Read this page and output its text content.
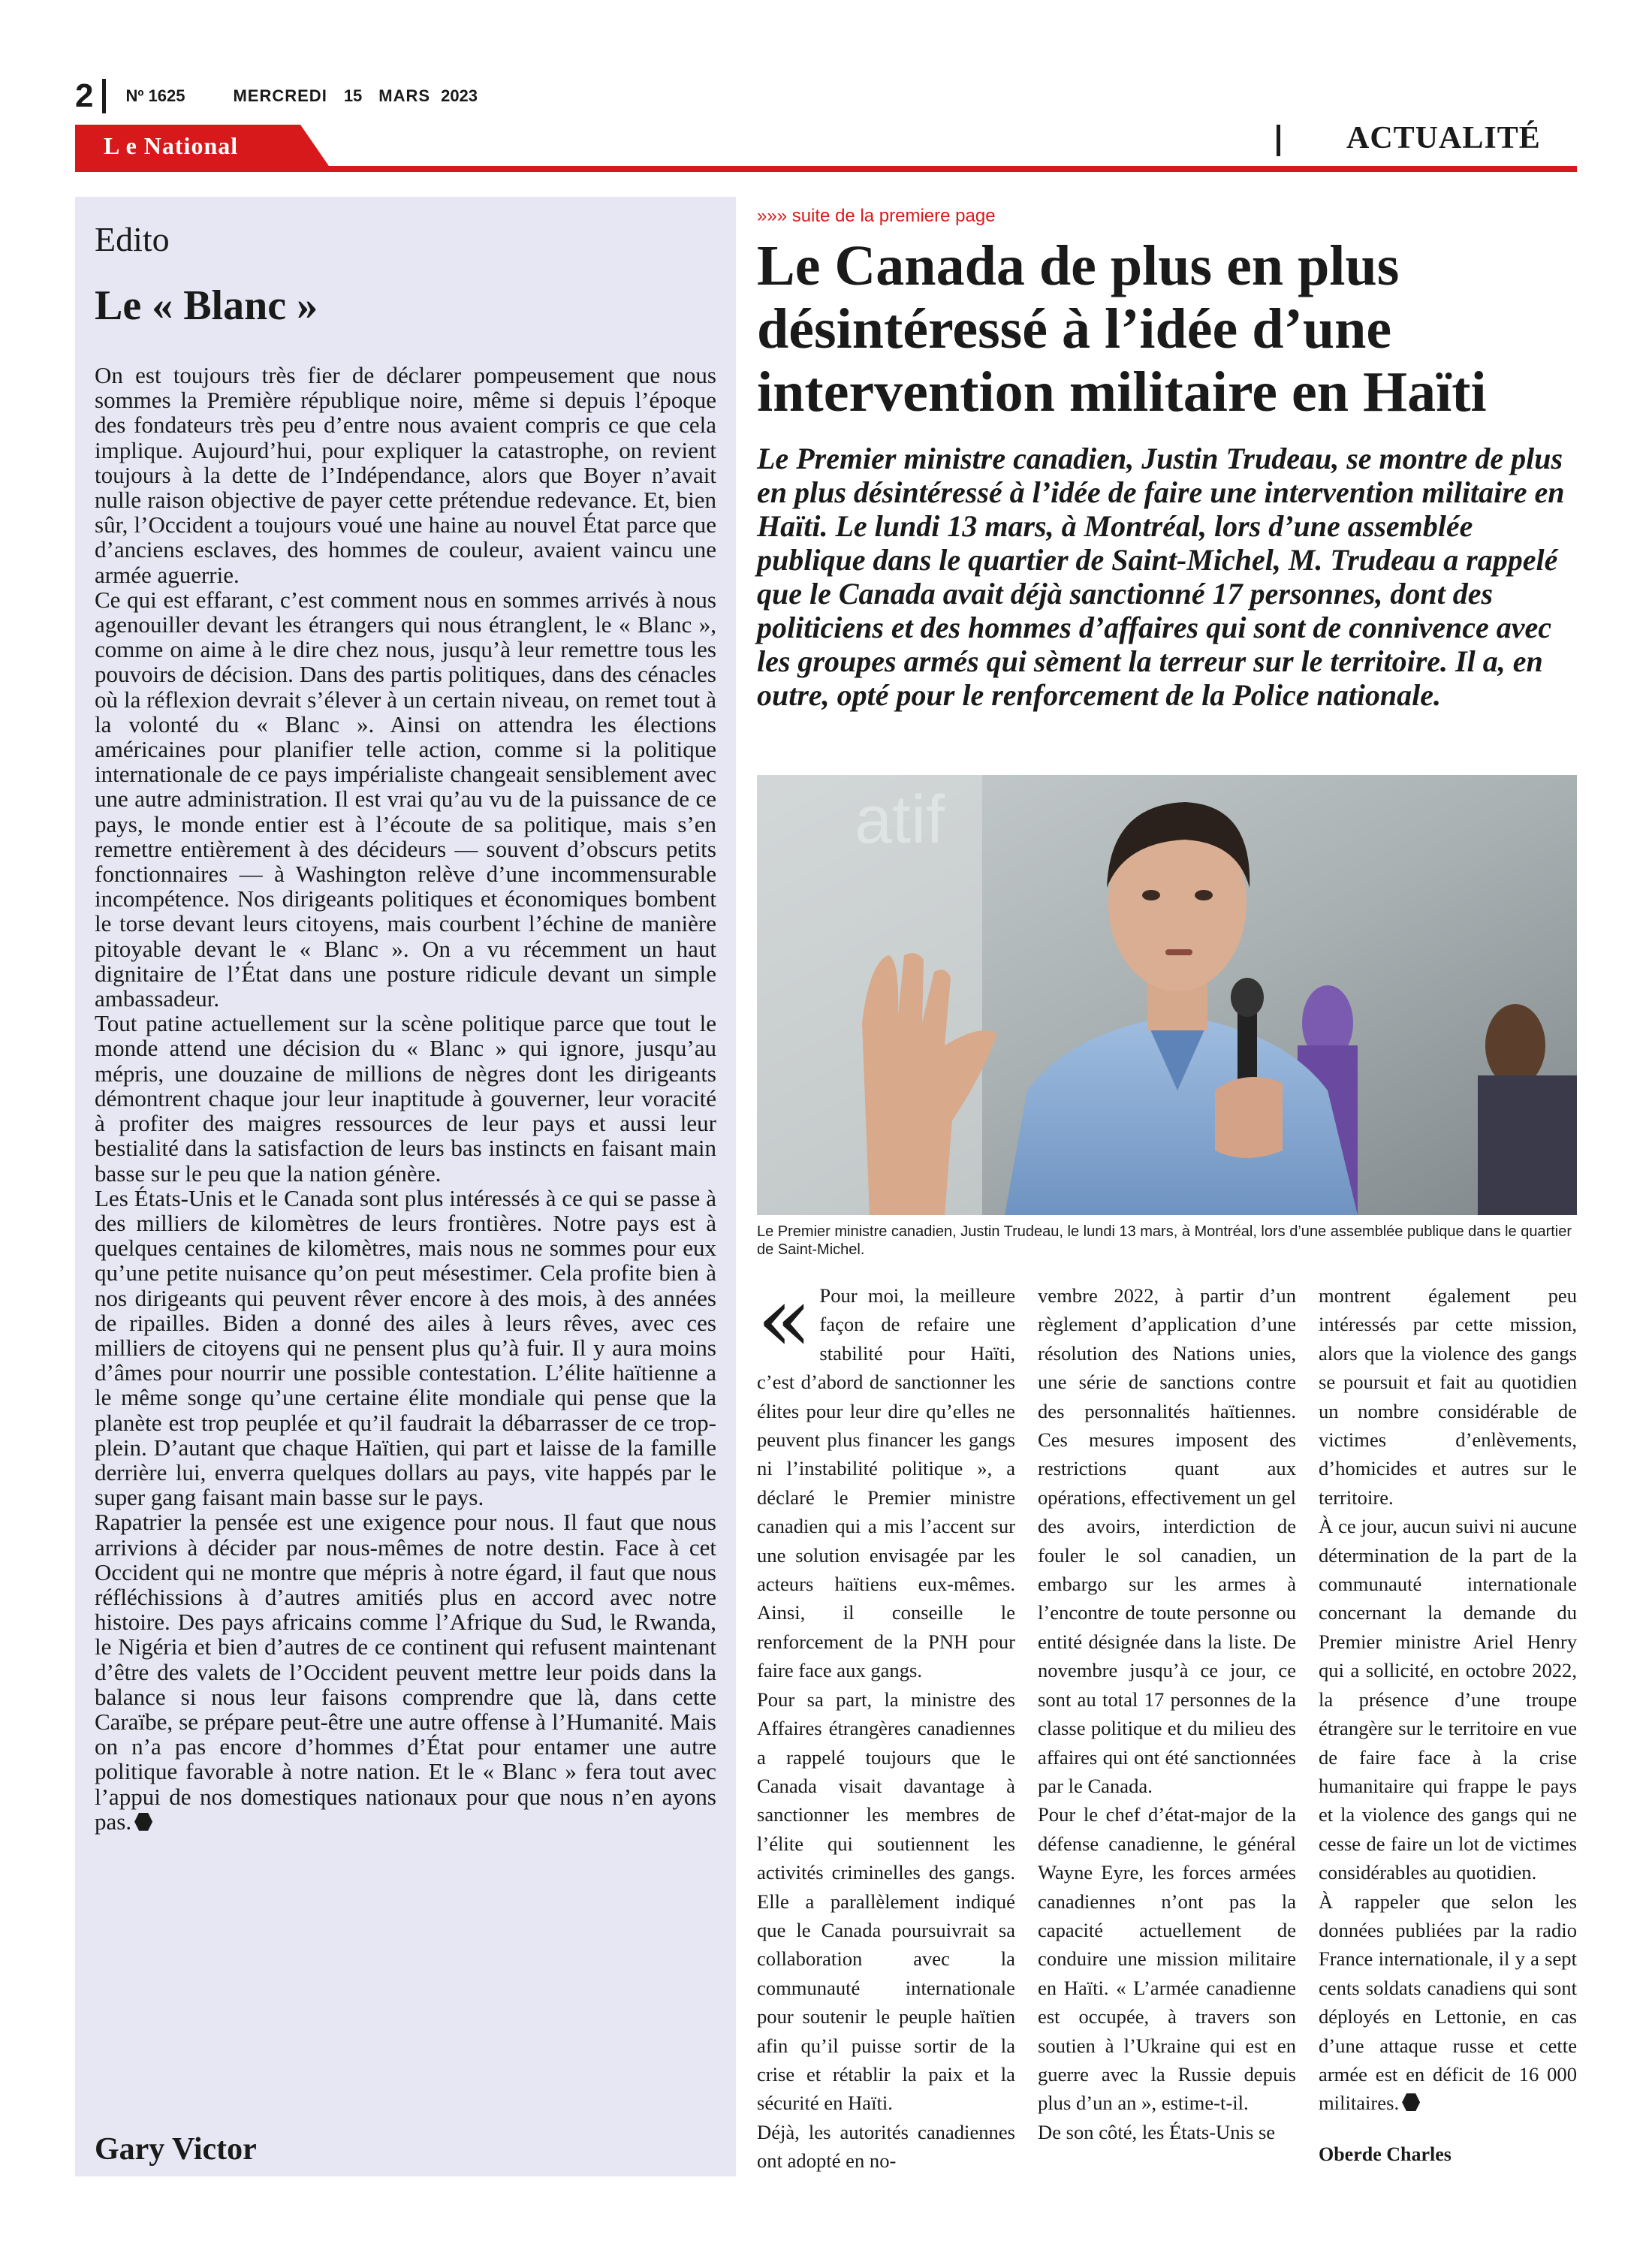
2 Nº 1625	MERCREDI 15 MARS 2023
L e National	ACTUALITÉ
Edito
Le « Blanc »

On est toujours très fier de déclarer pompeusement que nous sommes la Première république noire, même si depuis l’époque des fondateurs très peu d’entre nous avaient compris ce que cela implique. Aujourd’hui, pour expliquer la catastrophe, on revient toujours à la dette de l’Indépendance, alors que Boyer n’avait nulle raison objective de payer cette prétendue redevance. Et, bien sûr, l’Occident a toujours voué une haine au nouvel État parce que d’anciens esclaves, des hommes de couleur, avaient vaincu une armée aguerrie.

Ce qui est effarant, c’est comment nous en sommes arrivés à nous agenouiller devant les étrangers qui nous étranglent, le « Blanc », comme on aime à le dire chez nous, jusqu’à leur remettre tous les pouvoirs de décision. Dans des partis politiques, dans des cénacles où la réflexion devrait s’élever à un certain niveau, on remet tout à la volonté du « Blanc ». Ainsi on attendra les élections américaines pour planifier telle action, comme si la politique internationale de ce pays impérialiste changeait sensiblement avec une autre administration. Il est vrai qu’au vu de la puissance de ce pays, le monde entier est à l’écoute de sa politique, mais s’en remettre entièrement à des décideurs — souvent d’obscurs petits fonctionnaires — à Washington relève d’une incommensurable incompétence. Nos dirigeants politiques et économiques bombent le torse devant leurs citoyens, mais courbent l’échine de manière pitoyable devant le « Blanc ». On a vu récemment un haut dignitaire de l’État dans une posture ridicule devant un simple ambassadeur.

Tout patine actuellement sur la scène politique parce que tout le monde attend une décision du « Blanc » qui ignore, jusqu’au mépris, une douzaine de millions de nègres dont les dirigeants démontrent chaque jour leur inaptitude à gouverner, leur voracité à profiter des maigres ressources de leur pays et aussi leur bestialité dans la satisfaction de leurs bas instincts en faisant main basse sur le peu que la nation génère.

Les États-Unis et le Canada sont plus intéressés à ce qui se passe à des milliers de kilomètres de leurs frontières. Notre pays est à quelques centaines de kilomètres, mais nous ne sommes pour eux qu’une petite nuisance qu’on peut mésestimer. Cela profite bien à nos dirigeants qui peuvent rêver encore à des mois, à des années de ripailles. Biden a donné des ailes à leurs rêves, avec ces milliers de citoyens qui ne pensent plus qu’à fuir. Il y aura moins d’âmes pour nourrir une possible contestation. L’élite haïtienne a le même songe qu’une certaine élite mondiale qui pense que la planète est trop peuplée et qu’il faudrait la débarrasser de ce trop-plein. D’autant que chaque Haïtien, qui part et laisse de la famille derrière lui, enverra quelques dollars au pays, vite happés par le super gang faisant main basse sur le pays.

Rapatrier la pensée est une exigence pour nous. Il faut que nous arrivions à décider par nous-mêmes de notre destin. Face à cet Occident qui ne montre que mépris à notre égard, il faut que nous réfléchissions à d’autres amitiés plus en accord avec notre histoire. Des pays africains comme l’Afrique du Sud, le Rwanda, le Nigéria et bien d’autres de ce continent qui refusent maintenant d’être des valets de l’Occident peuvent mettre leur poids dans la balance si nous leur faisons comprendre que là, dans cette Caraïbe, se prépare peut-être une autre offense à l’Humanité. Mais on n’a pas encore d’hommes d’État pour entamer une autre politique favorable à notre nation. Et le « Blanc » fera tout avec l’appui de nos domestiques nationaux pour que nous n’en ayons pas.

Gary Victor
»»» suite de la premiere page
Le Canada de plus en plus désintéressé à l’idée d’une intervention militaire en Haïti

Le Premier ministre canadien, Justin Trudeau, se montre de plus en plus désintéressé à l’idée de faire une intervention militaire en Haïti. Le lundi 13 mars, à Montréal, lors d’une assemblée publique dans le quartier de Saint-Michel, M. Trudeau a rappelé que le Canada avait déjà sanctionné 17 personnes, dont des politiciens et des hommes d’affaires qui sont de connivence avec les groupes armés qui sèment la terreur sur le territoire. Il a, en outre, opté pour le renforcement de la Police nationale.

atif
Le Premier ministre canadien, Justin Trudeau, le lundi 13 mars, à Montréal, lors d’une assemblée publique dans le quartier de Saint-Michel.

« Pour moi, la meilleure façon de refaire une stabilité pour Haïti, c’est d’abord de sanctionner les élites pour leur dire qu’elles ne peuvent plus financer les gangs ni l’instabilité politique », a déclaré le Premier ministre canadien qui a mis l’accent sur une solution envisagée par les acteurs haïtiens eux-mêmes. Ainsi, il conseille le renforcement de la PNH pour faire face aux gangs.

Pour sa part, la ministre des Affaires étrangères canadiennes a rappelé toujours que le Canada visait davantage à sanctionner les membres de l’élite qui soutiennent les activités criminelles des gangs. Elle a parallèlement indiqué que le Canada poursuivrait sa collaboration avec la communauté internationale pour soutenir le peuple haïtien afin qu’il puisse sortir de la crise et rétablir la paix et la sécurité en Haïti.

Déjà, les autorités canadiennes ont adopté en no-

vembre 2022, à partir d’un règlement d’application d’une résolution des Nations unies, une série de sanctions contre des personnalités haïtiennes. Ces mesures imposent des restrictions quant aux opérations, effectivement un gel des avoirs, interdiction de fouler le sol canadien, un embargo sur les armes à l’encontre de toute personne ou entité désignée dans la liste. De novembre jusqu’à ce jour, ce sont au total 17 personnes de la classe politique et du milieu des affaires qui ont été sanctionnées par le Canada.

Pour le chef d’état-major de la défense canadienne, le général Wayne Eyre, les forces armées canadiennes n’ont pas la capacité actuellement de conduire une mission militaire en Haïti. « L’armée canadienne est occupée, à travers son soutien à l’Ukraine qui est en guerre avec la Russie depuis plus d’un an », estime-t-il.

De son côté, les États-Unis se

montrent également peu intéressés par cette mission, alors que la violence des gangs se poursuit et fait au quotidien un nombre considérable de victimes d’enlèvements, d’homicides et autres sur le territoire.

À ce jour, aucun suivi ni aucune détermination de la part de la communauté internationale concernant la demande du Premier ministre Ariel Henry qui a sollicité, en octobre 2022, la présence d’une troupe étrangère sur le territoire en vue de faire face à la crise humanitaire qui frappe le pays et la violence des gangs qui ne cesse de faire un lot de victimes considérables au quotidien.

À rappeler que selon les données publiées par la radio France internationale, il y a sept cents soldats canadiens qui sont déployés en Lettonie, en cas d’une attaque russe et cette armée est en déficit de 16 000 militaires.

Oberde Charles
